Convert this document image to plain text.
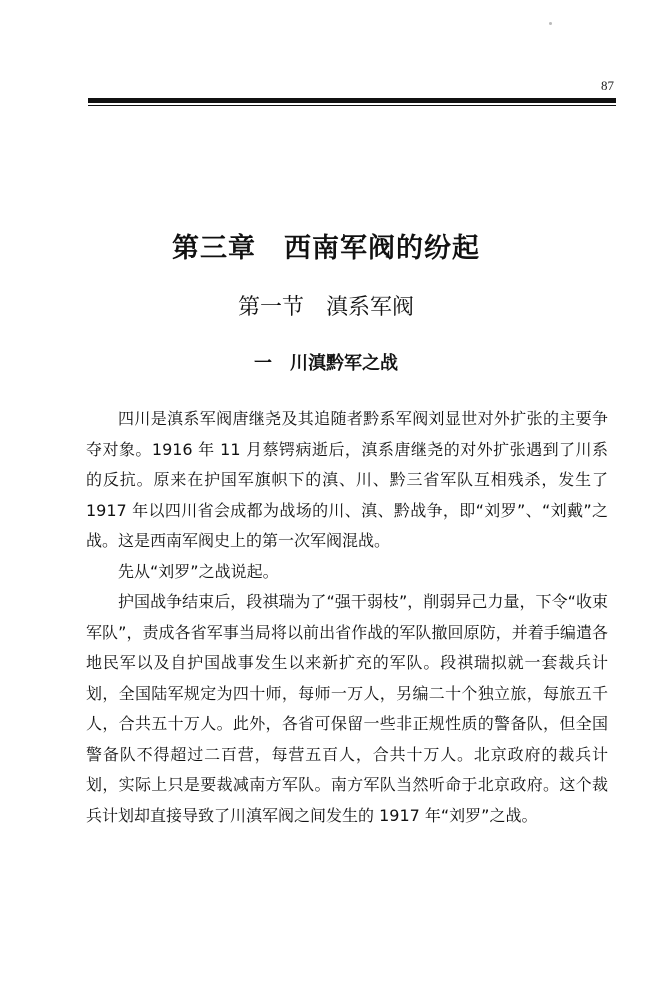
87
第三章　西南军阀的纷起
第一节　滇系军阀
一　川滇黔军之战

四川是滇系军阀唐继尧及其追随者黔系军阀刘显世对外扩张的主要争夺对象。1916 年 11 月蔡锷病逝后，滇系唐继尧的对外扩张遇到了川系的反抗。原来在护国军旗帜下的滇、川、黔三省军队互相残杀，发生了 1917 年以四川省会成都为战场的川、滇、黔战争，即“刘罗”、“刘戴”之战。这是西南军阀史上的第一次军阀混战。

先从“刘罗”之战说起。

护国战争结束后，段祺瑞为了“强干弱枝”，削弱异己力量，下令“收束军队”，责成各省军事当局将以前出省作战的军队撤回原防，并着手编遣各地民军以及自护国战事发生以来新扩充的军队。段祺瑞拟就一套裁兵计划，全国陆军规定为四十师，每师一万人，另编二十个独立旅，每旅五千人，合共五十万人。此外，各省可保留一些非正规性质的警备队，但全国警备队不得超过二百营，每营五百人，合共十万人。北京政府的裁兵计划，实际上只是要裁减南方军队。南方军队当然听命于北京政府。这个裁兵计划却直接导致了川滇军阀之间发生的 1917 年“刘罗”之战。
